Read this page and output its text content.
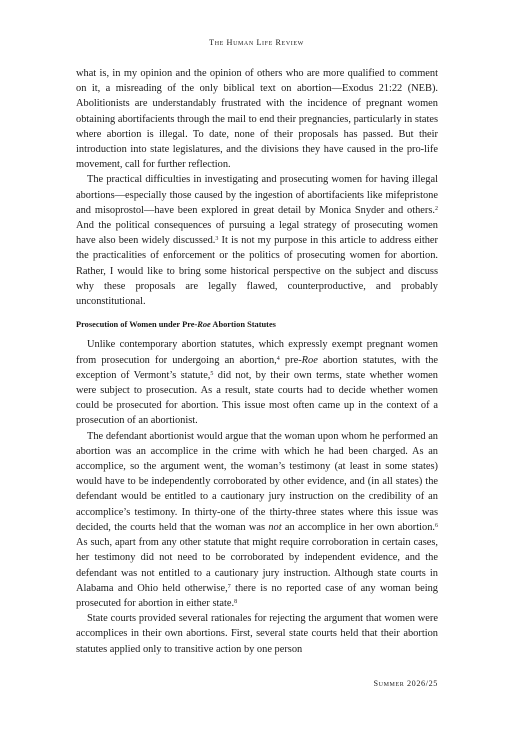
The Human Life Review

what is, in my opinion and the opinion of others who are more qualified to comment on it, a misreading of the only biblical text on abortion—Exodus 21:22 (NEB). Abolitionists are understandably frustrated with the incidence of pregnant women obtaining abortifacients through the mail to end their pregnancies, particularly in states where abortion is illegal. To date, none of their proposals has passed. But their introduction into state legislatures, and the divisions they have caused in the pro-life movement, call for further reflection.

The practical difficulties in investigating and prosecuting women for having illegal abortions—especially those caused by the ingestion of abortifacients like mifepristone and misoprostol—have been explored in great detail by Monica Snyder and others.$^2$ And the political consequences of pursuing a legal strategy of prosecuting women have also been widely discussed.$^3$ It is not my purpose in this article to address either the practicalities of enforcement or the politics of prosecuting women for abortion. Rather, I would like to bring some historical perspective on the subject and discuss why these proposals are legally flawed, counterproductive, and probably unconstitutional.

Prosecution of Women under Pre-Roe Abortion Statutes

Unlike contemporary abortion statutes, which expressly exempt pregnant women from prosecution for undergoing an abortion,$^4$ pre-Roe abortion statutes, with the exception of Vermont’s statute,$^5$ did not, by their own terms, state whether women were subject to prosecution. As a result, state courts had to decide whether women could be prosecuted for abortion. This issue most often came up in the context of a prosecution of an abortionist.

The defendant abortionist would argue that the woman upon whom he performed an abortion was an accomplice in the crime with which he had been charged. As an accomplice, so the argument went, the woman’s testimony (at least in some states) would have to be independently corroborated by other evidence, and (in all states) the defendant would be entitled to a cautionary jury instruction on the credibility of an accomplice’s testimony. In thirty-one of the thirty-three states where this issue was decided, the courts held that the woman was not an accomplice in her own abortion.$^6$ As such, apart from any other statute that might require corroboration in certain cases, her testimony did not need to be corroborated by independent evidence, and the defendant was not entitled to a cautionary jury instruction. Although state courts in Alabama and Ohio held otherwise,$^7$ there is no reported case of any woman being prosecuted for abortion in either state.$^8$

State courts provided several rationales for rejecting the argument that women were accomplices in their own abortions. First, several state courts held that their abortion statutes applied only to transitive action by one person

Summer 2026/25
